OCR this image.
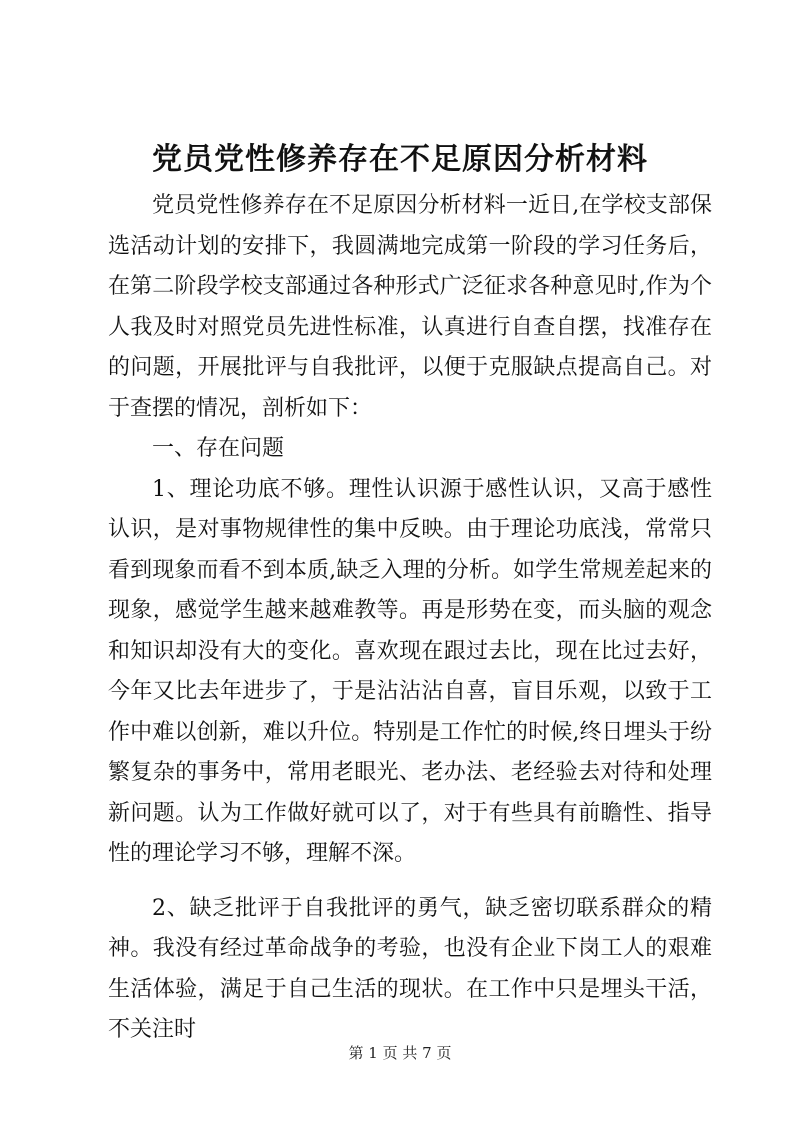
党员党性修养存在不足原因分析材料

党员党性修养存在不足原因分析材料一近日,在学校支部保选活动计划的安排下，我圆满地完成第一阶段的学习任务后，在第二阶段学校支部通过各种形式广泛征求各种意见时,作为个人我及时对照党员先进性标准，认真进行自查自摆，找准存在的问题，开展批评与自我批评，以便于克服缺点提高自己。对于查摆的情况，剖析如下：

一、存在问题

1、理论功底不够。理性认识源于感性认识，又高于感性认识，是对事物规律性的集中反映。由于理论功底浅，常常只看到现象而看不到本质,缺乏入理的分析。如学生常规差起来的现象，感觉学生越来越难教等。再是形势在变，而头脑的观念和知识却没有大的变化。喜欢现在跟过去比，现在比过去好，今年又比去年进步了，于是沾沾沾自喜，盲目乐观，以致于工作中难以创新，难以升位。特别是工作忙的时候,终日埋头于纷繁复杂的事务中，常用老眼光、老办法、老经验去对待和处理新问题。认为工作做好就可以了，对于有些具有前瞻性、指导性的理论学习不够，理解不深。

2、缺乏批评于自我批评的勇气，缺乏密切联系群众的精神。我没有经过革命战争的考验，也没有企业下岗工人的艰难生活体验，满足于自己生活的现状。在工作中只是埋头干活，不关注时

第 1 页 共 7 页
